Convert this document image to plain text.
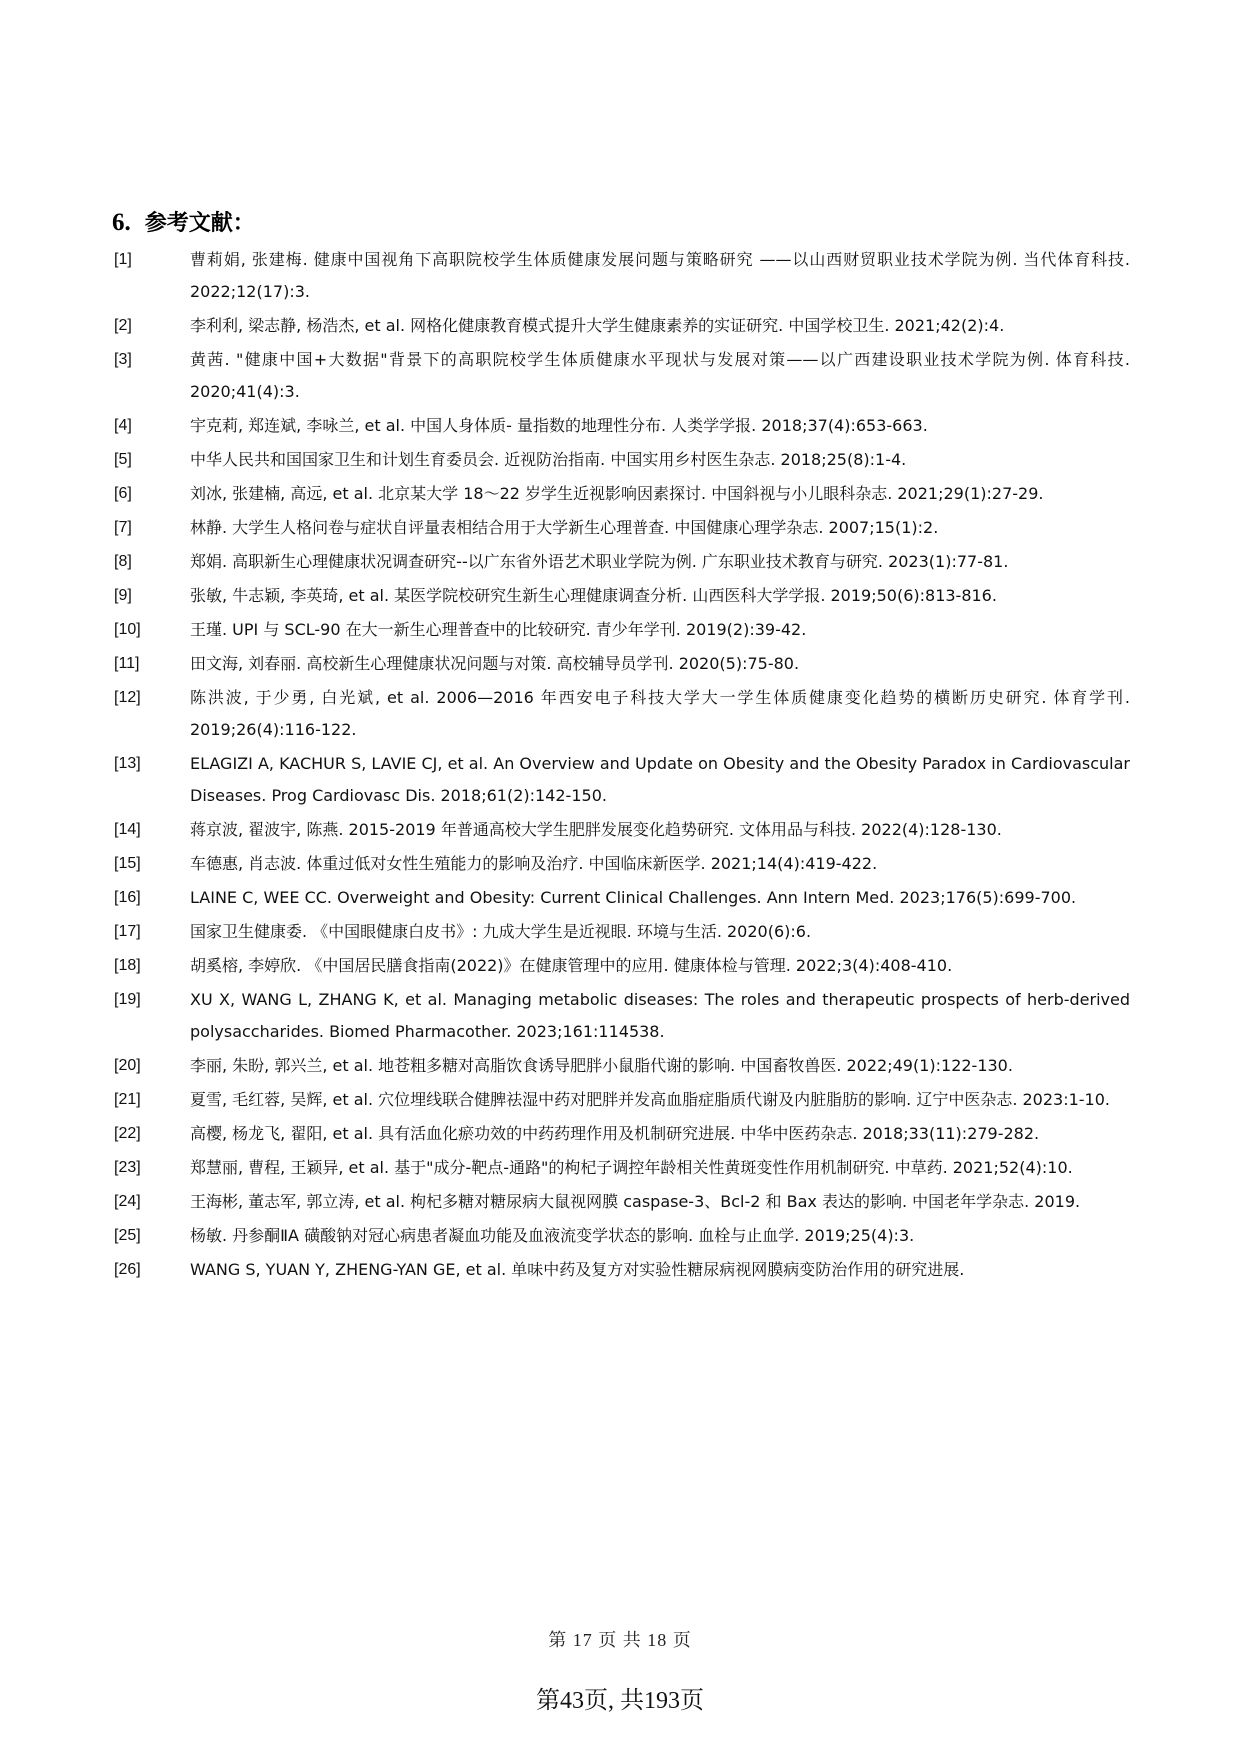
6. 参考文献：
[1]	曹莉娟, 张建梅. 健康中国视角下高职院校学生体质健康发展问题与策略研究 ——以山西财贸职业技术学院为例. 当代体育科技. 2022;12(17):3.
[2]	李利利, 梁志静, 杨浩杰, et al. 网格化健康教育模式提升大学生健康素养的实证研究. 中国学校卫生. 2021;42(2):4.
[3]	黄茜. "健康中国+大数据"背景下的高职院校学生体质健康水平现状与发展对策——以广西建设职业技术学院为例. 体育科技. 2020;41(4):3.
[4]	宇克莉, 郑连斌, 李咏兰, et al. 中国人身体质- 量指数的地理性分布. 人类学学报. 2018;37(4):653-663.
[5]	中华人民共和国国家卫生和计划生育委员会. 近视防治指南. 中国实用乡村医生杂志. 2018;25(8):1-4.
[6]	刘冰, 张建楠, 高远, et al. 北京某大学 18～22 岁学生近视影响因素探讨. 中国斜视与小儿眼科杂志. 2021;29(1):27-29.
[7]	林静. 大学生人格问卷与症状自评量表相结合用于大学新生心理普查. 中国健康心理学杂志. 2007;15(1):2.
[8]	郑娟. 高职新生心理健康状况调查研究--以广东省外语艺术职业学院为例. 广东职业技术教育与研究. 2023(1):77-81.
[9]	张敏, 牛志颖, 李英琦, et al. 某医学院校研究生新生心理健康调查分析. 山西医科大学学报. 2019;50(6):813-816.
[10]	王瑾. UPI 与 SCL-90 在大一新生心理普查中的比较研究. 青少年学刊. 2019(2):39-42.
[11]	田文海, 刘春丽. 高校新生心理健康状况问题与对策. 高校辅导员学刊. 2020(5):75-80.
[12]	陈洪波, 于少勇, 白光斌, et al. 2006—2016 年西安电子科技大学大一学生体质健康变化趋势的横断历史研究. 体育学刊. 2019;26(4):116-122.
[13]	ELAGIZI A, KACHUR S, LAVIE CJ, et al. An Overview and Update on Obesity and the Obesity Paradox in Cardiovascular Diseases. Prog Cardiovasc Dis. 2018;61(2):142-150.
[14]	蒋京波, 翟波宇, 陈燕. 2015-2019 年普通高校大学生肥胖发展变化趋势研究. 文体用品与科技. 2022(4):128-130.
[15]	车德惠, 肖志波. 体重过低对女性生殖能力的影响及治疗. 中国临床新医学. 2021;14(4):419-422.
[16]	LAINE C, WEE CC. Overweight and Obesity: Current Clinical Challenges. Ann Intern Med. 2023;176(5):699-700.
[17]	国家卫生健康委. 《中国眼健康白皮书》: 九成大学生是近视眼. 环境与生活. 2020(6):6.
[18]	胡奚榕, 李婷欣. 《中国居民膳食指南(2022)》在健康管理中的应用. 健康体检与管理. 2022;3(4):408-410.
[19]	XU X, WANG L, ZHANG K, et al. Managing metabolic diseases: The roles and therapeutic prospects of herb-derived polysaccharides. Biomed Pharmacother. 2023;161:114538.
[20]	李丽, 朱盼, 郭兴兰, et al. 地苍粗多糖对高脂饮食诱导肥胖小鼠脂代谢的影响. 中国畜牧兽医. 2022;49(1):122-130.
[21]	夏雪, 毛红蓉, 吴辉, et al. 穴位埋线联合健脾祛湿中药对肥胖并发高血脂症脂质代谢及内脏脂肪的影响. 辽宁中医杂志. 2023:1-10.
[22]	高樱, 杨龙飞, 翟阳, et al. 具有活血化瘀功效的中药药理作用及机制研究进展. 中华中医药杂志. 2018;33(11):279-282.
[23]	郑慧丽, 曹程, 王颖异, et al. 基于"成分-靶点-通路"的枸杞子调控年龄相关性黄斑变性作用机制研究. 中草药. 2021;52(4):10.
[24]	王海彬, 董志军, 郭立涛, et al. 枸杞多糖对糖尿病大鼠视网膜 caspase-3、Bcl-2 和 Bax 表达的影响. 中国老年学杂志. 2019.
[25]	杨敏. 丹参酮ⅡA 磺酸钠对冠心病患者凝血功能及血液流变学状态的影响. 血栓与止血学. 2019;25(4):3.
[26]	WANG S, YUAN Y, ZHENG-YAN GE, et al. 单味中药及复方对实验性糖尿病视网膜病变防治作用的研究进展.
第 17 页 共 18 页
第43页, 共193页
